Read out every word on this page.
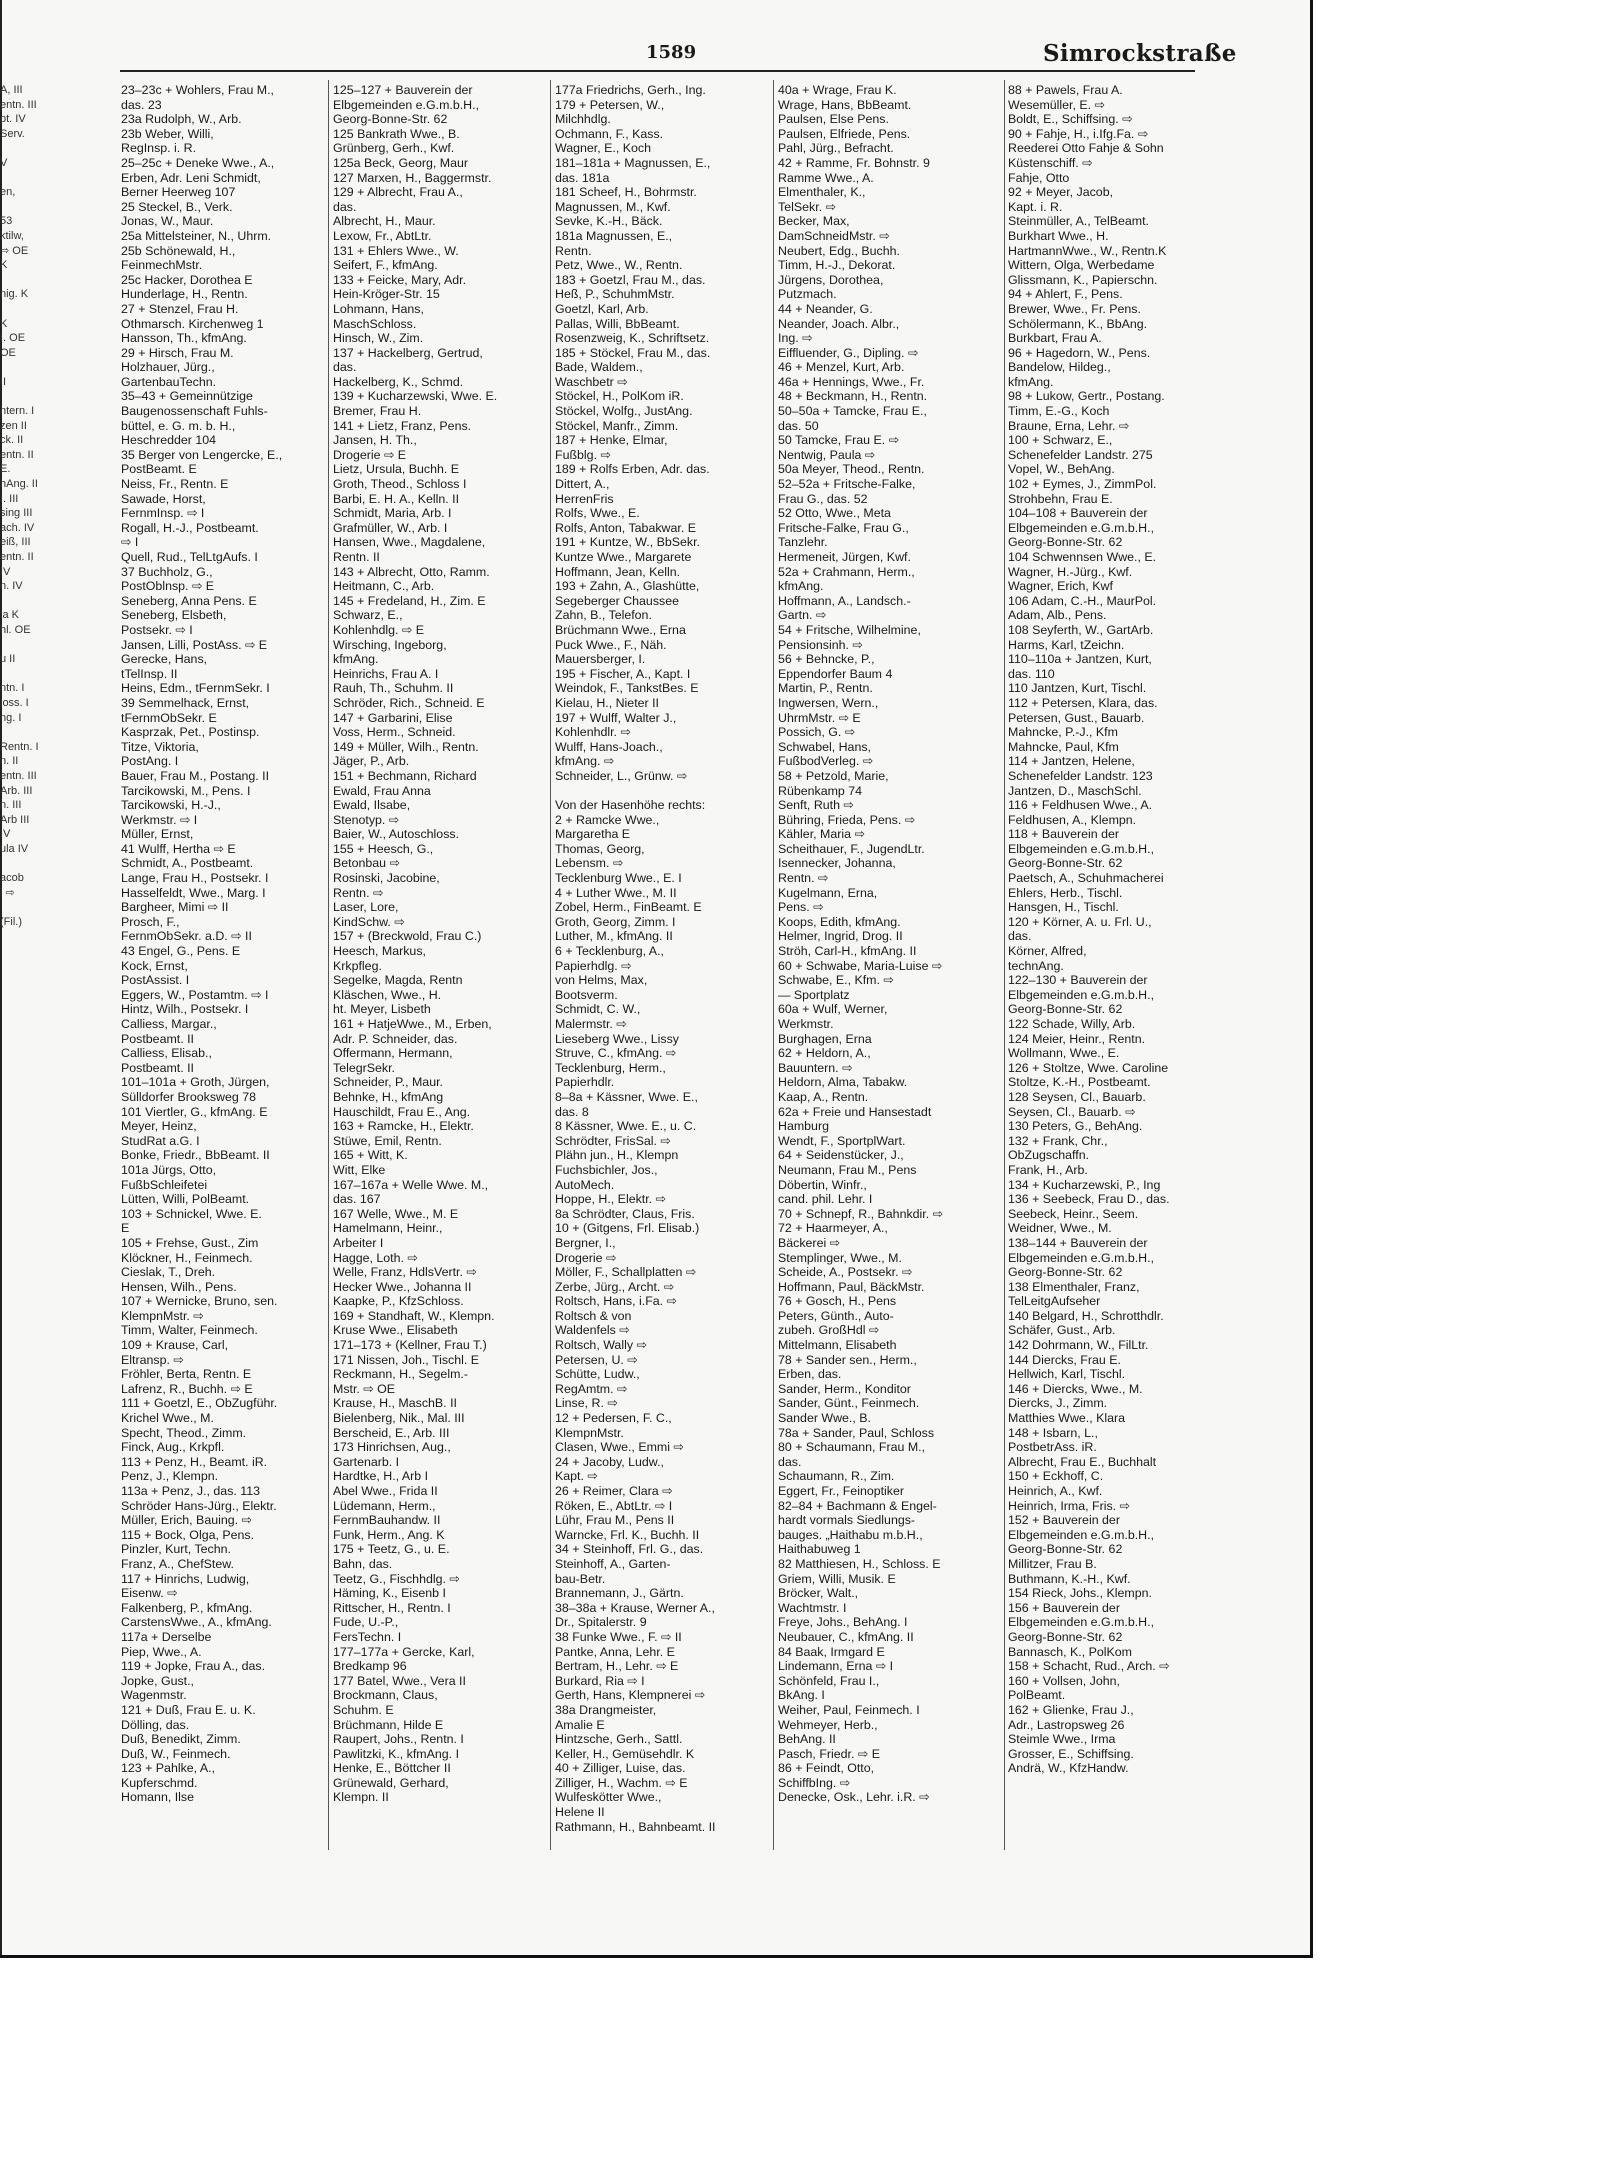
1589	Simrockstraße
A, III
entn. III
pt. IV
Serv.

V

en,

53
ktilw,
⇨ OE
K

nig. K

K
I. OE
OE

II

ntern. I
zen II
ck. II
entn. II
E.
hAng. II
I. III
sing III
ach. IV
eiß, III
entn. II
IV
n. IV

la K
hl. OE

u II

ntn. I
loss. I
ng. I

Rentn. I
n. II
entn. III
Arb. III
n. III
Arb III
IV
ula IV

acob
i ⇨

(Fil.)
23–23c + Wohlers, Frau M.,
das. 23
23a Rudolph, W., Arb.
23b Weber, Willi,
RegInsp. i. R.
25–25c + Deneke Wwe., A.,
Erben, Adr. Leni Schmidt,
Berner Heerweg 107
25 Steckel, B., Verk.
Jonas, W., Maur.
25a Mittelsteiner, N., Uhrm.
25b Schönewald, H.,
FeinmechMstr.
25c Hacker, Dorothea E
Hunderlage, H., Rentn.
27 + Stenzel, Frau H.
Othmarsch. Kirchenweg 1
Hansson, Th., kfmAng.
29 + Hirsch, Frau M.
Holzhauer, Jürg.,
GartenbauTechn.
35–43 + Gemeinnützige
Baugenossenschaft Fuhls-
büttel, e. G. m. b. H.,
Heschredder 104
35 Berger von Lengercke, E.,
PostBeamt. E
Neiss, Fr., Rentn. E
Sawade, Horst,
FernmInsp. ⇨ I
Rogall, H.-J., Postbeamt.
⇨ I
Quell, Rud., TelLtgAufs. I
37 Buchholz, G.,
PostOblnsp. ⇨ E
Seneberg, Anna Pens. E
Seneberg, Elsbeth,
Postsekr. ⇨ I
Jansen, Lilli, PostAss. ⇨ E
Gerecke, Hans,
tTelInsp. II
Heins, Edm., tFernmSekr. I
39 Semmelhack, Ernst,
tFernmObSekr. E
Kasprzak, Pet., Postinsp.
Titze, Viktoria,
PostAng. I
Bauer, Frau M., Postang. II
Tarcikowski, M., Pens. I
Tarcikowski, H.-J.,
Werkmstr. ⇨ I
Müller, Ernst,
41 Wulff, Hertha ⇨ E
Schmidt, A., Postbeamt.
Lange, Frau H., Postsekr. I
Hasselfeldt, Wwe., Marg. I
Bargheer, Mimi ⇨ II
Prosch, F.,
FernmObSekr. a.D. ⇨ II
43 Engel, G., Pens. E
Kock, Ernst,
PostAssist. I
Eggers, W., Postamtm. ⇨ I
Hintz, Wilh., Postsekr. I
Calliess, Margar.,
Postbeamt. II
Calliess, Elisab.,
Postbeamt. II
101–101a + Groth, Jürgen,
Sülldorfer Brooksweg 78
101 Viertler, G., kfmAng. E
Meyer, Heinz,
StudRat a.G. I
Bonke, Friedr., BbBeamt. II
101a Jürgs, Otto,
FußbSchleifetei
Lütten, Willi, PolBeamt.
103 + Schnickel, Wwe. E.
E
105 + Frehse, Gust., Zim
Klöckner, H., Feinmech.
Cieslak, T., Dreh.
Hensen, Wilh., Pens.
107 + Wernicke, Bruno, sen.
KlempnMstr. ⇨
Timm, Walter, Feinmech.
109 + Krause, Carl,
Eltransp. ⇨
Fröhler, Berta, Rentn. E
Lafrenz, R., Buchh. ⇨ E
111 + Goetzl, E., ObZugführ.
Krichel Wwe., M.
Specht, Theod., Zimm.
Finck, Aug., Krkpfl.
113 + Penz, H., Beamt. iR.
Penz, J., Klempn.
113a + Penz, J., das. 113
Schröder Hans-Jürg., Elektr.
Müller, Erich, Bauing. ⇨
115 + Bock, Olga, Pens.
Pinzler, Kurt, Techn.
Franz, A., ChefStew.
117 + Hinrichs, Ludwig,
Eisenw. ⇨
Falkenberg, P., kfmAng.
CarstensWwe., A., kfmAng.
117a + Derselbe
Piep, Wwe., A.
119 + Jopke, Frau A., das.
Jopke, Gust.,
Wagenmstr.
121 + Duß, Frau E. u. K.
Dölling, das.
Duß, Benedikt, Zimm.
Duß, W., Feinmech.
123 + Pahlke, A.,
Kupferschmd.
Homann, Ilse
125–127 + Bauverein der
Elbgemeinden e.G.m.b.H.,
Georg-Bonne-Str. 62
125 Bankrath Wwe., B.
Grünberg, Gerh., Kwf.
125a Beck, Georg, Maur
127 Marxen, H., Baggermstr.
129 + Albrecht, Frau A.,
das.
Albrecht, H., Maur.
Lexow, Fr., AbtLtr.
131 + Ehlers Wwe., W.
Seifert, F., kfmAng.
133 + Feicke, Mary, Adr.
Hein-Kröger-Str. 15
Lohmann, Hans,
MaschSchloss.
Hinsch, W., Zim.
137 + Hackelberg, Gertrud,
das.
Hackelberg, K., Schmd.
139 + Kucharzewski, Wwe. E.
Bremer, Frau H.
141 + Lietz, Franz, Pens.
Jansen, H. Th.,
Drogerie ⇨ E
Lietz, Ursula, Buchh. E
Groth, Theod., Schloss I
Barbi, E. H. A., Kelln. II
Schmidt, Maria, Arb. I
Grafmüller, W., Arb. I
Hansen, Wwe., Magdalene,
Rentn. II
143 + Albrecht, Otto, Ramm.
Heitmann, C., Arb.
145 + Fredeland, H., Zim. E
Schwarz, E.,
Kohlenhdlg. ⇨ E
Wirsching, Ingeborg,
kfmAng.
Heinrichs, Frau A. I
Rauh, Th., Schuhm. II
Schröder, Rich., Schneid. E
147 + Garbarini, Elise
Voss, Herm., Schneid.
149 + Müller, Wilh., Rentn.
Jäger, P., Arb.
151 + Bechmann, Richard
Ewald, Frau Anna
Ewald, Ilsabe,
Stenotyp. ⇨
Baier, W., Autoschloss.
155 + Heesch, G.,
Betonbau ⇨
Rosinski, Jacobine,
Rentn. ⇨
Laser, Lore,
KindSchw. ⇨
157 + (Breckwold, Frau C.)
Heesch, Markus,
Krkpfleg.
Segelke, Magda, Rentn
Kläschen, Wwe., H.
ht. Meyer, Lisbeth
161 + HatjeWwe., M., Erben,
Adr. P. Schneider, das.
Offermann, Hermann,
TelegrSekr.
Schneider, P., Maur.
Behnke, H., kfmAng
Hauschildt, Frau E., Ang.
163 + Ramcke, H., Elektr.
Stüwe, Emil, Rentn.
165 + Witt, K.
Witt, Elke
167–167a + Welle Wwe. M.,
das. 167
167 Welle, Wwe., M. E
Hamelmann, Heinr.,
Arbeiter I
Hagge, Loth. ⇨
Welle, Franz, HdlsVertr. ⇨
Hecker Wwe., Johanna II
Kaapke, P., KfzSchloss.
169 + Standhaft, W., Klempn.
Kruse Wwe., Elisabeth
171–173 + (Kellner, Frau T.)
171 Nissen, Joh., Tischl. E
Reckmann, H., Segelm.-
Mstr. ⇨ OE
Krause, H., MaschB. II
Bielenberg, Nik., Mal. III
Berscheid, E., Arb. III
173 Hinrichsen, Aug.,
Gartenarb. I
Hardtke, H., Arb I
Abel Wwe., Frida II
Lüdemann, Herm.,
FernmBauhandw. II
Funk, Herm., Ang. K
175 + Teetz, G., u. E.
Bahn, das.
Teetz, G., Fischhdlg. ⇨
Häming, K., Eisenb I
Rittscher, H., Rentn. I
Fude, U.-P.,
FersTechn. I
177–177a + Gercke, Karl,
Bredkamp 96
177 Batel, Wwe., Vera II
Brockmann, Claus,
Schuhm. E
Brüchmann, Hilde E
Raupert, Johs., Rentn. I
Pawlitzki, K., kfmAng. I
Henke, E., Böttcher II
Grünewald, Gerhard,
Klempn. II
177a Friedrichs, Gerh., Ing.
179 + Petersen, W.,
Milchhdlg.
Ochmann, F., Kass.
Wagner, E., Koch
181–181a + Magnussen, E.,
das. 181a
181 Scheef, H., Bohrmstr.
Magnussen, M., Kwf.
Sevke, K.-H., Bäck.
181a Magnussen, E.,
Rentn.
Petz, Wwe., W., Rentn.
183 + Goetzl, Frau M., das.
Heß, P., SchuhmMstr.
Goetzl, Karl, Arb.
Pallas, Willi, BbBeamt.
Rosenzweig, K., Schriftsetz.
185 + Stöckel, Frau M., das.
Bade, Waldem.,
Waschbetr ⇨
Stöckel, H., PolKom iR.
Stöckel, Wolfg., JustAng.
Stöckel, Manfr., Zimm.
187 + Henke, Elmar,
Fußblg. ⇨
189 + Rolfs Erben, Adr. das.
Dittert, A.,
HerrenFris
Rolfs, Wwe., E.
Rolfs, Anton, Tabakwar. E
191 + Kuntze, W., BbSekr.
Kuntze Wwe., Margarete
Hoffmann, Jean, Kelln.
193 + Zahn, A., Glashütte,
Segeberger Chaussee
Zahn, B., Telefon.
Brüchmann Wwe., Erna
Puck Wwe., F., Näh.
Mauersberger, I.
195 + Fischer, A., Kapt. I
Weindok, F., TankstBes. E
Kielau, H., Nieter II
197 + Wulff, Walter J.,
Kohlenhdlr. ⇨
Wulff, Hans-Joach.,
kfmAng. ⇨
Schneider, L., Grünw. ⇨

Von der Hasenhöhe rechts:
2 + Ramcke Wwe.,
Margaretha E
Thomas, Georg,
Lebensm. ⇨
Tecklenburg Wwe., E. I
4 + Luther Wwe., M. II
Zobel, Herm., FinBeamt. E
Groth, Georg, Zimm. I
Luther, M., kfmAng. II
6 + Tecklenburg, A.,
Papierhdlg. ⇨
von Helms, Max,
Bootsverm.
Schmidt, C. W.,
Malermstr. ⇨
Lieseberg Wwe., Lissy
Struve, C., kfmAng. ⇨
Tecklenburg, Herm.,
Papierhdlr.
8–8a + Kässner, Wwe. E.,
das. 8
8 Kässner, Wwe. E., u. C.
Schrödter, FrisSal. ⇨
Plähn jun., H., Klempn
Fuchsbichler, Jos.,
AutoMech.
Hoppe, H., Elektr. ⇨
8a Schrödter, Claus, Fris.
10 + (Gitgens, Frl. Elisab.)
Bergner, I.,
Drogerie ⇨
Möller, F., Schallplatten ⇨
Zerbe, Jürg., Archt. ⇨
Roltsch, Hans, i.Fa. ⇨
Roltsch & von
Waldenfels ⇨
Roltsch, Wally ⇨
Petersen, U. ⇨
Schütte, Ludw.,
RegAmtm. ⇨
Linse, R. ⇨
12 + Pedersen, F. C.,
KlempnMstr.
Clasen, Wwe., Emmi ⇨
24 + Jacoby, Ludw.,
Kapt. ⇨
26 + Reimer, Clara ⇨
Röken, E., AbtLtr. ⇨ I
Lühr, Frau M., Pens II
Warncke, Frl. K., Buchh. II
34 + Steinhoff, Frl. G., das.
Steinhoff, A., Garten-
bau-Betr.
Brannemann, J., Gärtn.
38–38a + Krause, Werner A.,
Dr., Spitalerstr. 9
38 Funke Wwe., F. ⇨ II
Pantke, Anna, Lehr. E
Bertram, H., Lehr. ⇨ E
Burkard, Ria ⇨ I
Gerth, Hans, Klempnerei ⇨
38a Drangmeister,
Amalie E
Hintzsche, Gerh., Sattl.
Keller, H., Gemüsehdlr. K
40 + Zilliger, Luise, das.
Zilliger, H., Wachm. ⇨ E
Wulfeskötter Wwe.,
Helene II
Rathmann, H., Bahnbeamt. II
40a + Wrage, Frau K.
Wrage, Hans, BbBeamt.
Paulsen, Else Pens.
Paulsen, Elfriede, Pens.
Pahl, Jürg., Befracht.
42 + Ramme, Fr. Bohnstr. 9
Ramme Wwe., A.
Elmenthaler, K.,
TelSekr. ⇨
Becker, Max,
DamSchneidMstr. ⇨
Neubert, Edg., Buchh.
Timm, H.-J., Dekorat.
Jürgens, Dorothea,
Putzmach.
44 + Neander, G.
Neander, Joach. Albr.,
Ing. ⇨
Eiffluender, G., Dipling. ⇨
46 + Menzel, Kurt, Arb.
46a + Hennings, Wwe., Fr.
48 + Beckmann, H., Rentn.
50–50a + Tamcke, Frau E.,
das. 50
50 Tamcke, Frau E. ⇨
Nentwig, Paula ⇨
50a Meyer, Theod., Rentn.
52–52a + Fritsche-Falke,
Frau G., das. 52
52 Otto, Wwe., Meta
Fritsche-Falke, Frau G.,
Tanzlehr.
Hermeneit, Jürgen, Kwf.
52a + Crahmann, Herm.,
kfmAng.
Hoffmann, A., Landsch.-
Gartn. ⇨
54 + Fritsche, Wilhelmine,
Pensionsinh. ⇨
56 + Behncke, P.,
Eppendorfer Baum 4
Martin, P., Rentn.
Ingwersen, Wern.,
UhrmMstr. ⇨ E
Possich, G. ⇨
Schwabel, Hans,
FußbodVerleg. ⇨
58 + Petzold, Marie,
Rübenkamp 74
Senft, Ruth ⇨
Bühring, Frieda, Pens. ⇨
Kähler, Maria ⇨
Scheithauer, F., JugendLtr.
Isennecker, Johanna,
Rentn. ⇨
Kugelmann, Erna,
Pens. ⇨
Koops, Edith, kfmAng.
Helmer, Ingrid, Drog. II
Ströh, Carl-H., kfmAng. II
60 + Schwabe, Maria-Luise ⇨
Schwabe, E., Kfm. ⇨
— Sportplatz
60a + Wulf, Werner,
Werkmstr.
Burghagen, Erna
62 + Heldorn, A.,
Bauuntern. ⇨
Heldorn, Alma, Tabakw.
Kaap, A., Rentn.
62a + Freie und Hansestadt
Hamburg
Wendt, F., SportplWart.
64 + Seidenstücker, J.,
Neumann, Frau M., Pens
Döbertin, Winfr.,
cand. phil. Lehr. I
70 + Schnepf, R., Bahnkdir. ⇨
72 + Haarmeyer, A.,
Bäckerei ⇨
Stemplinger, Wwe., M.
Scheide, A., Postsekr. ⇨
Hoffmann, Paul, BäckMstr.
76 + Gosch, H., Pens
Peters, Günth., Auto-
zubeh. GroßHdl ⇨
Mittelmann, Elisabeth
78 + Sander sen., Herm.,
Erben, das.
Sander, Herm., Konditor
Sander, Günt., Feinmech.
Sander Wwe., B.
78a + Sander, Paul, Schloss
80 + Schaumann, Frau M.,
das.
Schaumann, R., Zim.
Eggert, Fr., Feinoptiker
82–84 + Bachmann & Engel-
hardt vormals Siedlungs-
bauges. „Haithabu m.b.H.,
Haithabuweg 1
82 Matthiesen, H., Schloss. E
Griem, Willi, Musik. E
Bröcker, Walt.,
Wachtmstr. I
Freye, Johs., BehAng. I
Neubauer, C., kfmAng. II
84 Baak, Irmgard E
Lindemann, Erna ⇨ I
Schönfeld, Frau I.,
BkAng. I
Weiher, Paul, Feinmech. I
Wehmeyer, Herb.,
BehAng. II
Pasch, Friedr. ⇨ E
86 + Feindt, Otto,
SchiffbIng. ⇨
Denecke, Osk., Lehr. i.R. ⇨
88 + Pawels, Frau A.
Wesemüller, E. ⇨
Boldt, E., Schiffsing. ⇨
90 + Fahje, H., i.Ifg.Fa. ⇨
Reederei Otto Fahje & Sohn
Küstenschiff. ⇨
Fahje, Otto
92 + Meyer, Jacob,
Kapt. i. R.
Steinmüller, A., TelBeamt.
Burkhart Wwe., H.
HartmannWwe., W., Rentn.K
Wittern, Olga, Werbedame
Glissmann, K., Papierschn.
94 + Ahlert, F., Pens.
Brewer, Wwe., Fr. Pens.
Schölermann, K., BbAng.
Burkbart, Frau A.
96 + Hagedorn, W., Pens.
Bandelow, Hildeg.,
kfmAng.
98 + Lukow, Gertr., Postang.
Timm, E.-G., Koch
Braune, Erna, Lehr. ⇨
100 + Schwarz, E.,
Schenefelder Landstr. 275
Vopel, W., BehAng.
102 + Eymes, J., ZimmPol.
Strohbehn, Frau E.
104–108 + Bauverein der
Elbgemeinden e.G.m.b.H.,
Georg-Bonne-Str. 62
104 Schwennsen Wwe., E.
Wagner, H.-Jürg., Kwf.
Wagner, Erich, Kwf
106 Adam, C.-H., MaurPol.
Adam, Alb., Pens.
108 Seyferth, W., GartArb.
Harms, Karl, tZeichn.
110–110a + Jantzen, Kurt,
das. 110
110 Jantzen, Kurt, Tischl.
112 + Petersen, Klara, das.
Petersen, Gust., Bauarb.
Mahncke, P.-J., Kfm
Mahncke, Paul, Kfm
114 + Jantzen, Helene,
Schenefelder Landstr. 123
Jantzen, D., MaschSchl.
116 + Feldhusen Wwe., A.
Feldhusen, A., Klempn.
118 + Bauverein der
Elbgemeinden e.G.m.b.H.,
Georg-Bonne-Str. 62
Paetsch, A., Schuhmacherei
Ehlers, Herb., Tischl.
Hansgen, H., Tischl.
120 + Körner, A. u. Frl. U.,
das.
Körner, Alfred,
technAng.
122–130 + Bauverein der
Elbgemeinden e.G.m.b.H.,
Georg-Bonne-Str. 62
122 Schade, Willy, Arb.
124 Meier, Heinr., Rentn.
Wollmann, Wwe., E.
126 + Stoltze, Wwe. Caroline
Stoltze, K.-H., Postbeamt.
128 Seysen, Cl., Bauarb.
Seysen, Cl., Bauarb. ⇨
130 Peters, G., BehAng.
132 + Frank, Chr.,
ObZugschaffn.
Frank, H., Arb.
134 + Kucharzewski, P., Ing
136 + Seebeck, Frau D., das.
Seebeck, Heinr., Seem.
Weidner, Wwe., M.
138–144 + Bauverein der
Elbgemeinden e.G.m.b.H.,
Georg-Bonne-Str. 62
138 Elmenthaler, Franz,
TelLeitgAufseher
140 Belgard, H., Schrotthdlr.
Schäfer, Gust., Arb.
142 Dohrmann, W., FilLtr.
144 Diercks, Frau E.
Hellwich, Karl, Tischl.
146 + Diercks, Wwe., M.
Diercks, J., Zimm.
Matthies Wwe., Klara
148 + Isbarn, L.,
PostbetrAss. iR.
Albrecht, Frau E., Buchhalt
150 + Eckhoff, C.
Heinrich, A., Kwf.
Heinrich, Irma, Fris. ⇨
152 + Bauverein der
Elbgemeinden e.G.m.b.H.,
Georg-Bonne-Str. 62
Millitzer, Frau B.
Buthmann, K.-H., Kwf.
154 Rieck, Johs., Klempn.
156 + Bauverein der
Elbgemeinden e.G.m.b.H.,
Georg-Bonne-Str. 62
Bannasch, K., PolKom
158 + Schacht, Rud., Arch. ⇨
160 + Vollsen, John,
PolBeamt.
162 + Glienke, Frau J.,
Adr., Lastropsweg 26
Steimle Wwe., Irma
Grosser, E., Schiffsing.
Andrä, W., KfzHandw.
